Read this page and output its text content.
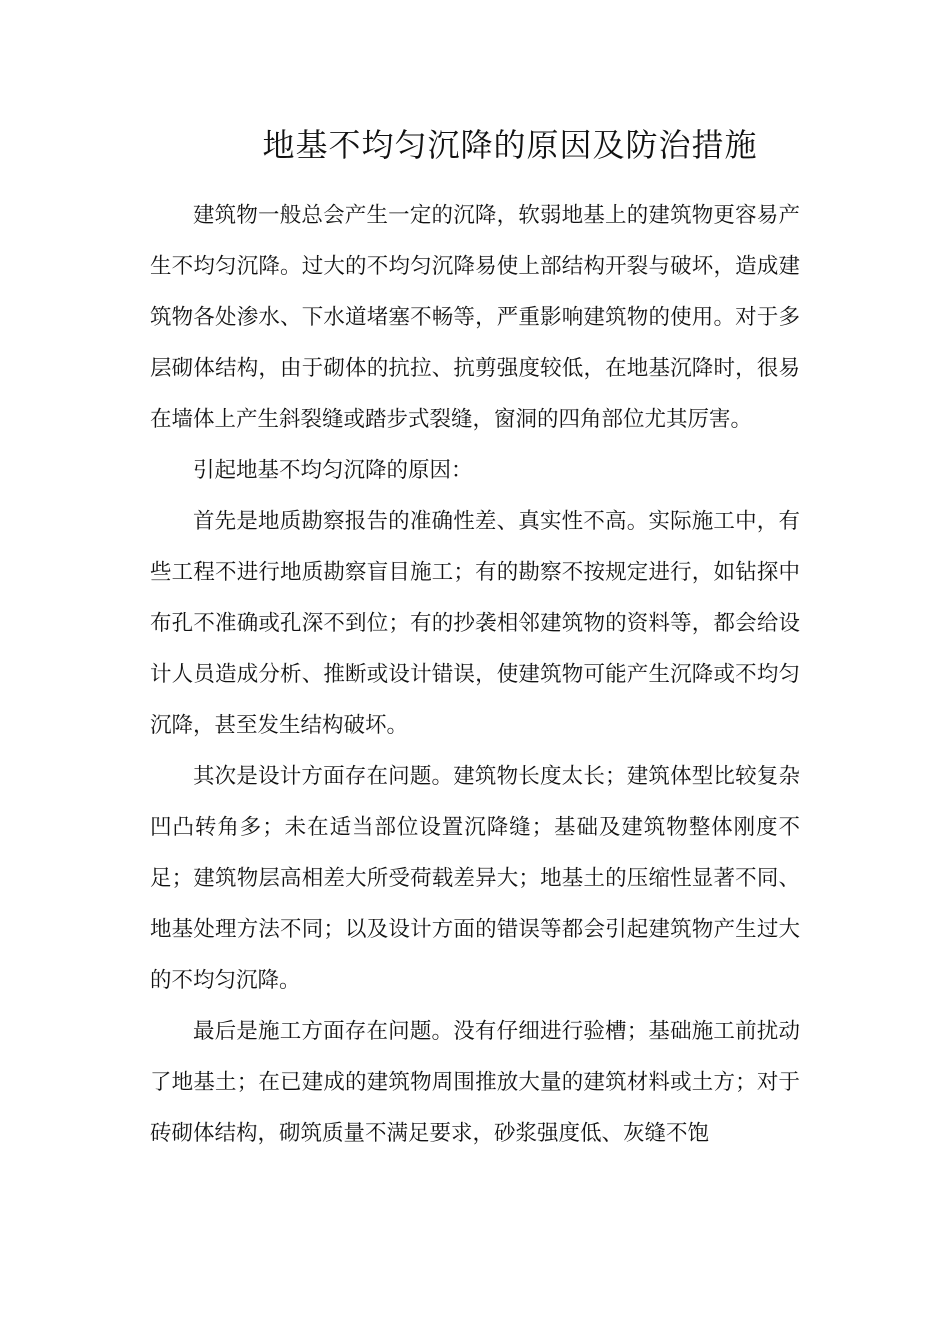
地基不均匀沉降的原因及防治措施

建筑物一般总会产生一定的沉降，软弱地基上的建筑物更容易产生不均匀沉降。过大的不均匀沉降易使上部结构开裂与破坏，造成建筑物各处渗水、下水道堵塞不畅等，严重影响建筑物的使用。对于多层砌体结构，由于砌体的抗拉、抗剪强度较低，在地基沉降时，很易在墙体上产生斜裂缝或踏步式裂缝，窗洞的四角部位尤其厉害。

引起地基不均匀沉降的原因：

首先是地质勘察报告的准确性差、真实性不高。实际施工中，有些工程不进行地质勘察盲目施工；有的勘察不按规定进行，如钻探中布孔不准确或孔深不到位；有的抄袭相邻建筑物的资料等，都会给设计人员造成分析、推断或设计错误，使建筑物可能产生沉降或不均匀沉降，甚至发生结构破坏。

其次是设计方面存在问题。建筑物长度太长；建筑体型比较复杂凹凸转角多；未在适当部位设置沉降缝；基础及建筑物整体刚度不足；建筑物层高相差大所受荷载差异大；地基土的压缩性显著不同、地基处理方法不同；以及设计方面的错误等都会引起建筑物产生过大的不均匀沉降。

最后是施工方面存在问题。没有仔细进行验槽；基础施工前扰动了地基土；在已建成的建筑物周围推放大量的建筑材料或土方；对于砖砌体结构，砌筑质量不满足要求，砂浆强度低、灰缝不饱
